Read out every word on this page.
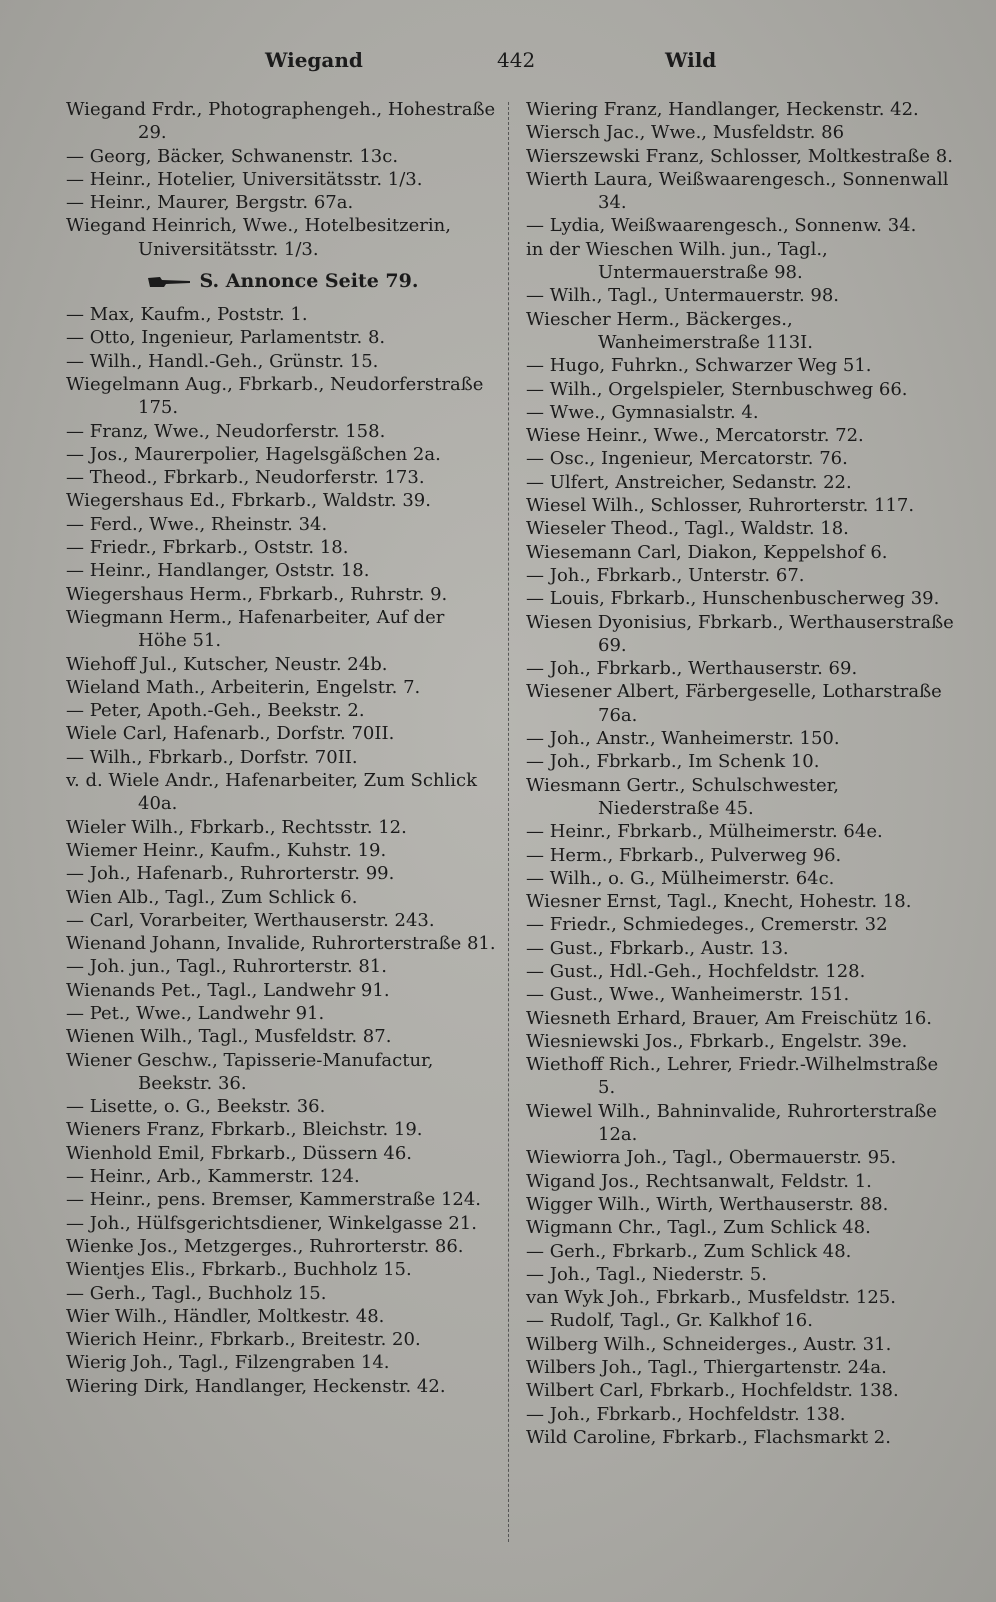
Wiegand	442	Wild
Wiegand Frdr., Photographengeh., Hohestraße 29.
— Georg, Bäcker, Schwanenstr. 13c.
— Heinr., Hotelier, Universitätsstr. 1/3.
— Heinr., Maurer, Bergstr. 67a.
Wiegand Heinrich, Wwe., Hotelbesitzerin, Universitätsstr. 1/3.
S. Annonce Seite 79.
— Max, Kaufm., Poststr. 1.
— Otto, Ingenieur, Parlamentstr. 8.
— Wilh., Handl.-Geh., Grünstr. 15.
Wiegelmann Aug., Fbrkarb., Neudorferstraße 175.
— Franz, Wwe., Neudorferstr. 158.
— Jos., Maurerpolier, Hagelsgäßchen 2a.
— Theod., Fbrkarb., Neudorferstr. 173.
Wiegershaus Ed., Fbrkarb., Waldstr. 39.
— Ferd., Wwe., Rheinstr. 34.
— Friedr., Fbrkarb., Oststr. 18.
— Heinr., Handlanger, Oststr. 18.
Wiegershaus Herm., Fbrkarb., Ruhrstr. 9.
Wiegmann Herm., Hafenarbeiter, Auf der Höhe 51.
Wiehoff Jul., Kutscher, Neustr. 24b.
Wieland Math., Arbeiterin, Engelstr. 7.
— Peter, Apoth.-Geh., Beekstr. 2.
Wiele Carl, Hafenarb., Dorfstr. 70II.
— Wilh., Fbrkarb., Dorfstr. 70II.
v. d. Wiele Andr., Hafenarbeiter, Zum Schlick 40a.
Wieler Wilh., Fbrkarb., Rechtsstr. 12.
Wiemer Heinr., Kaufm., Kuhstr. 19.
— Joh., Hafenarb., Ruhrorterstr. 99.
Wien Alb., Tagl., Zum Schlick 6.
— Carl, Vorarbeiter, Werthauserstr. 243.
Wienand Johann, Invalide, Ruhrorterstraße 81.
— Joh. jun., Tagl., Ruhrorterstr. 81.
Wienands Pet., Tagl., Landwehr 91.
— Pet., Wwe., Landwehr 91.
Wienen Wilh., Tagl., Musfeldstr. 87.
Wiener Geschw., Tapisserie-Manufactur, Beekstr. 36.
— Lisette, o. G., Beekstr. 36.
Wieners Franz, Fbrkarb., Bleichstr. 19.
Wienhold Emil, Fbrkarb., Düssern 46.
— Heinr., Arb., Kammerstr. 124.
— Heinr., pens. Bremser, Kammerstraße 124.
— Joh., Hülfsgerichtsdiener, Winkelgasse 21.
Wienke Jos., Metzgerges., Ruhrorterstr. 86.
Wientjes Elis., Fbrkarb., Buchholz 15.
— Gerh., Tagl., Buchholz 15.
Wier Wilh., Händler, Moltkestr. 48.
Wierich Heinr., Fbrkarb., Breitestr. 20.
Wierig Joh., Tagl., Filzengraben 14.
Wiering Dirk, Handlanger, Heckenstr. 42.
Wiering Franz, Handlanger, Heckenstr. 42.
Wiersch Jac., Wwe., Musfeldstr. 86
Wierszewski Franz, Schlosser, Moltkestraße 8.
Wierth Laura, Weißwaarengesch., Sonnenwall 34.
— Lydia, Weißwaarengesch., Sonnenw. 34.
in der Wieschen Wilh. jun., Tagl., Untermauerstraße 98.
— Wilh., Tagl., Untermauerstr. 98.
Wiescher Herm., Bäckerges., Wanheimerstraße 113I.
— Hugo, Fuhrkn., Schwarzer Weg 51.
— Wilh., Orgelspieler, Sternbuschweg 66.
— Wwe., Gymnasialstr. 4.
Wiese Heinr., Wwe., Mercatorstr. 72.
— Osc., Ingenieur, Mercatorstr. 76.
— Ulfert, Anstreicher, Sedanstr. 22.
Wiesel Wilh., Schlosser, Ruhrorterstr. 117.
Wieseler Theod., Tagl., Waldstr. 18.
Wiesemann Carl, Diakon, Keppelshof 6.
— Joh., Fbrkarb., Unterstr. 67.
— Louis, Fbrkarb., Hunschenbuscherweg 39.
Wiesen Dyonisius, Fbrkarb., Werthauserstraße 69.
— Joh., Fbrkarb., Werthauserstr. 69.
Wiesener Albert, Färbergeselle, Lotharstraße 76a.
— Joh., Anstr., Wanheimerstr. 150.
— Joh., Fbrkarb., Im Schenk 10.
Wiesmann Gertr., Schulschwester, Niederstraße 45.
— Heinr., Fbrkarb., Mülheimerstr. 64e.
— Herm., Fbrkarb., Pulverweg 96.
— Wilh., o. G., Mülheimerstr. 64c.
Wiesner Ernst, Tagl., Knecht, Hohestr. 18.
— Friedr., Schmiedeges., Cremerstr. 32
— Gust., Fbrkarb., Austr. 13.
— Gust., Hdl.-Geh., Hochfeldstr. 128.
— Gust., Wwe., Wanheimerstr. 151.
Wiesneth Erhard, Brauer, Am Freischütz 16.
Wiesniewski Jos., Fbrkarb., Engelstr. 39e.
Wiethoff Rich., Lehrer, Friedr.-Wilhelmstraße 5.
Wiewel Wilh., Bahninvalide, Ruhrorterstraße 12a.
Wiewiorra Joh., Tagl., Obermauerstr. 95.
Wigand Jos., Rechtsanwalt, Feldstr. 1.
Wigger Wilh., Wirth, Werthauserstr. 88.
Wigmann Chr., Tagl., Zum Schlick 48.
— Gerh., Fbrkarb., Zum Schlick 48.
— Joh., Tagl., Niederstr. 5.
van Wyk Joh., Fbrkarb., Musfeldstr. 125.
— Rudolf, Tagl., Gr. Kalkhof 16.
Wilberg Wilh., Schneiderges., Austr. 31.
Wilbers Joh., Tagl., Thiergartenstr. 24a.
Wilbert Carl, Fbrkarb., Hochfeldstr. 138.
— Joh., Fbrkarb., Hochfeldstr. 138.
Wild Caroline, Fbrkarb., Flachsmarkt 2.
